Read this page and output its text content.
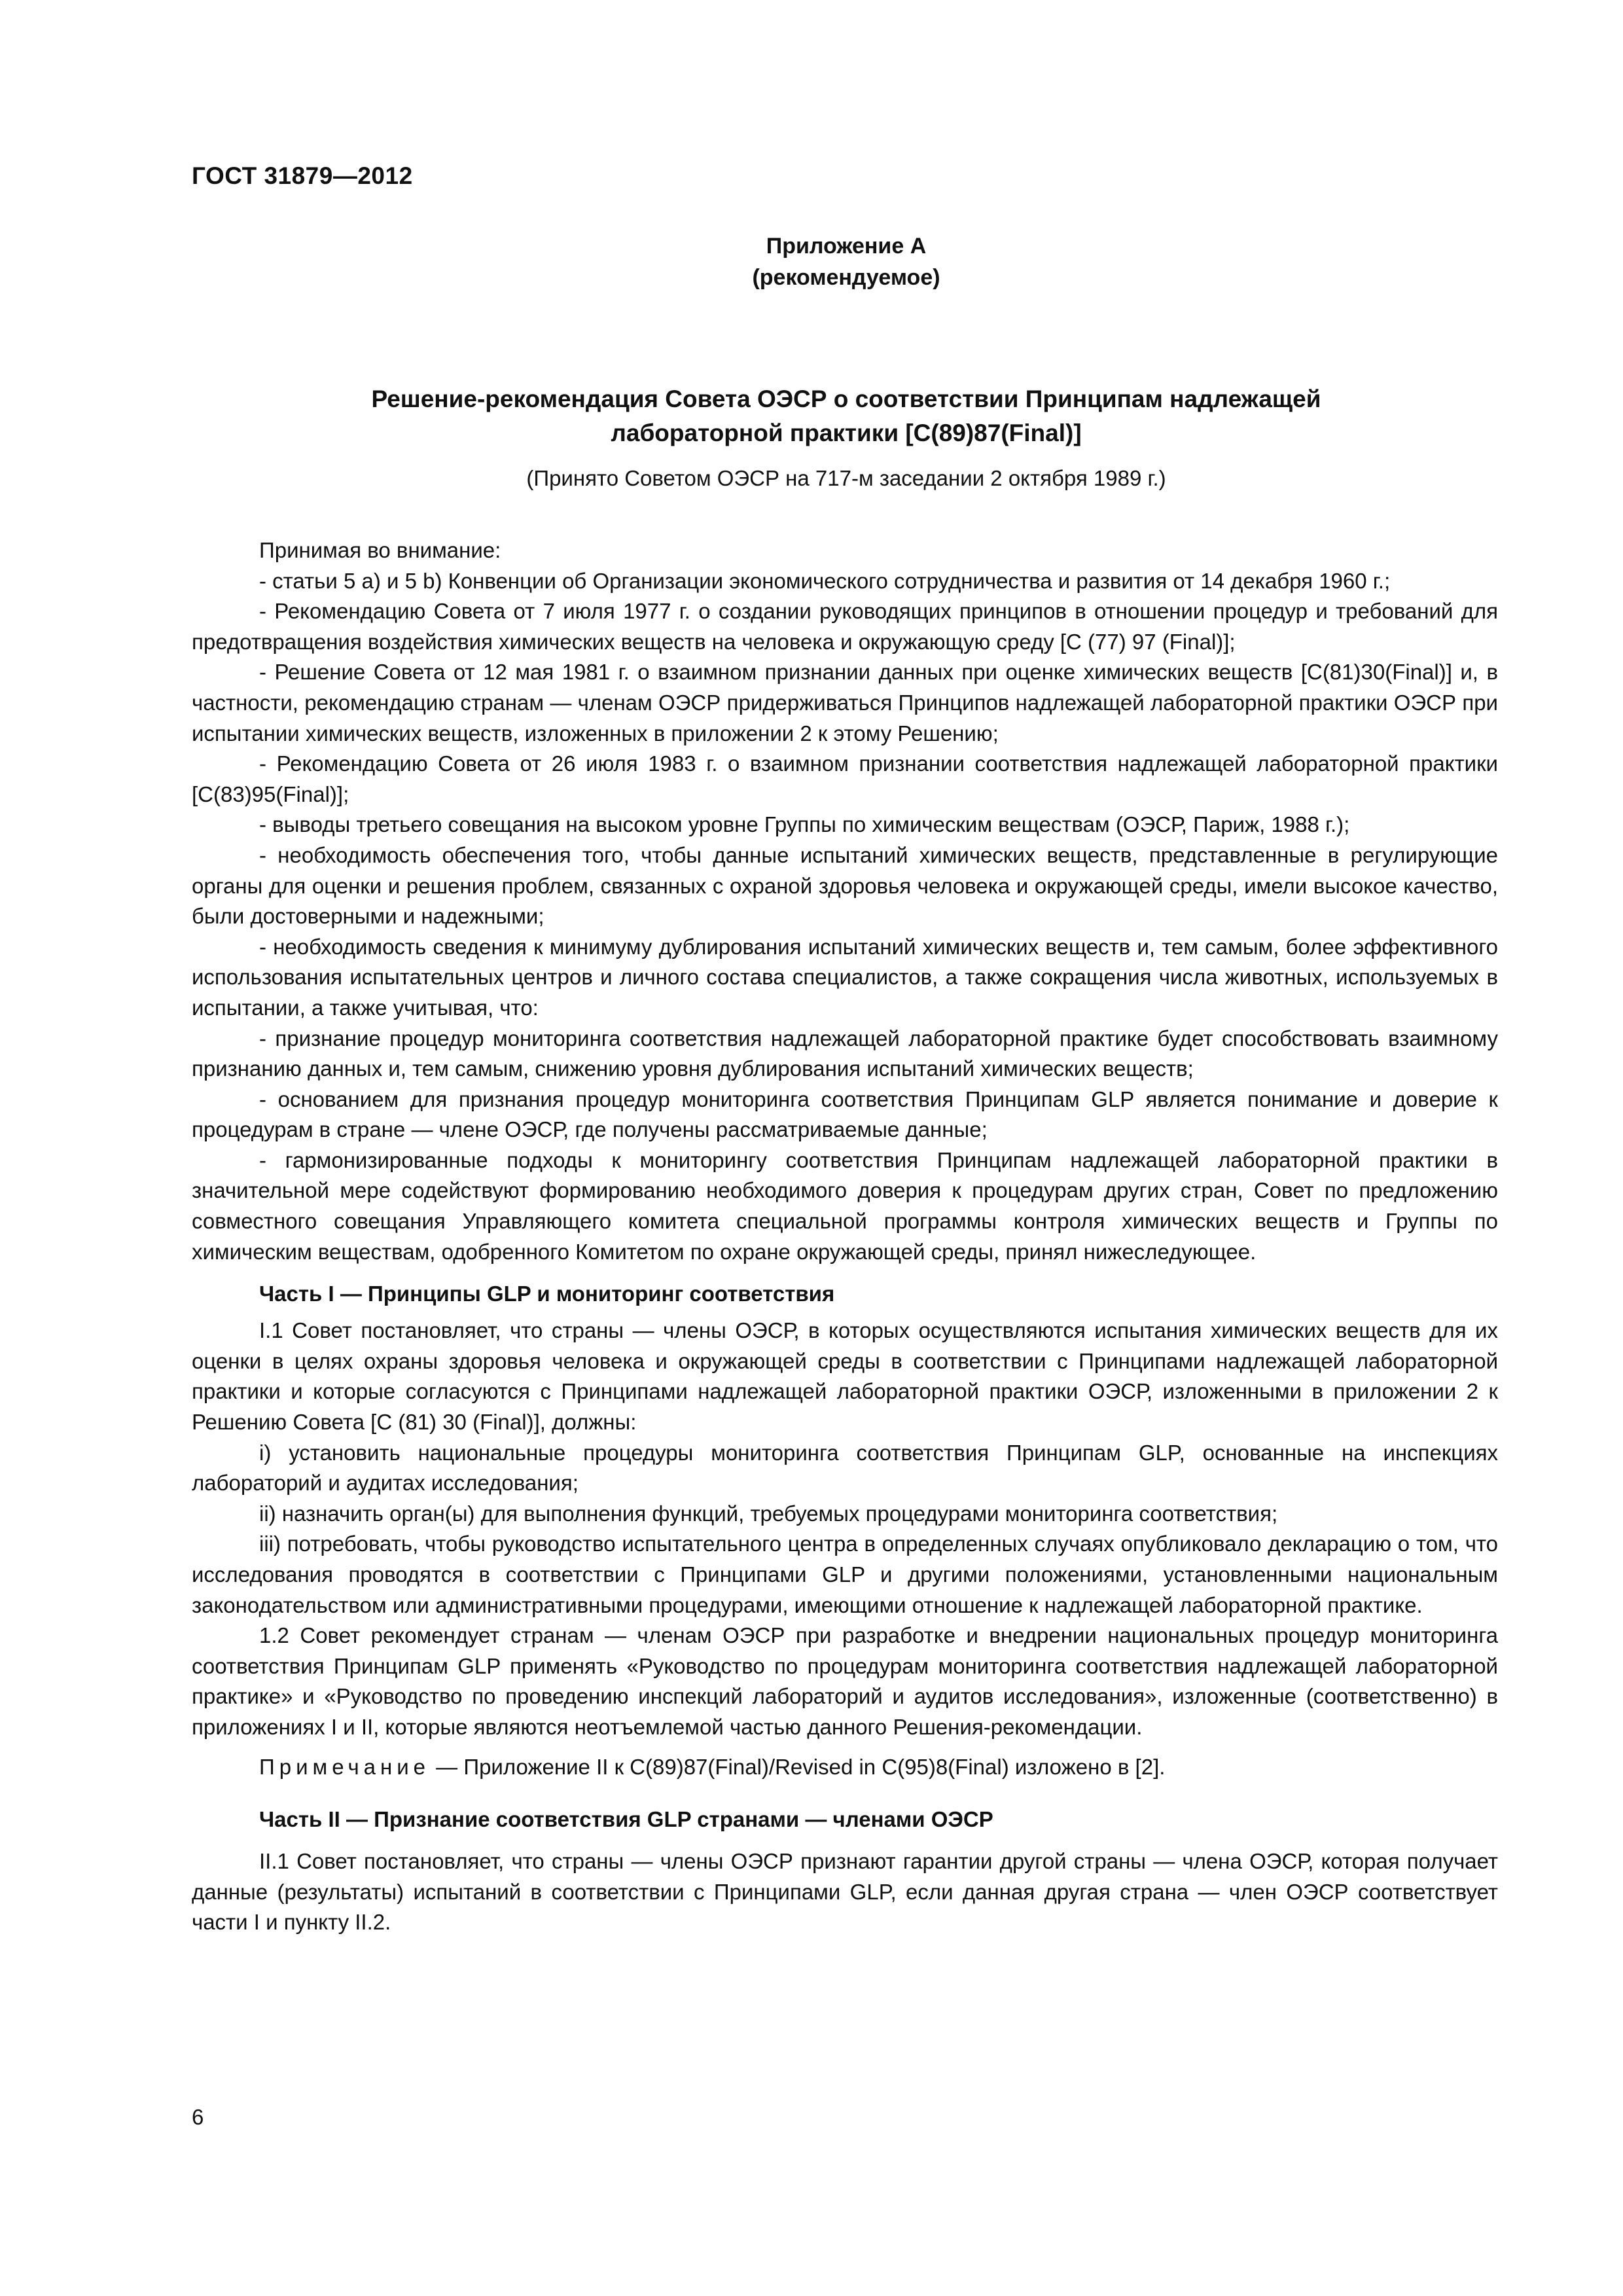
ГОСТ 31879—2012
Приложение А
(рекомендуемое)
Решение-рекомендация Совета ОЭСР о соответствии Принципам надлежащей
лабораторной практики [C(89)87(Final)]
(Принято Советом ОЭСР на 717-м заседании 2 октября 1989 г.)

Принимая во внимание:

- статьи 5 a) и 5 b) Конвенции об Организации экономического сотрудничества и развития от 14 декабря 1960 г.;

- Рекомендацию Совета от 7 июля 1977 г. о создании руководящих принципов в отношении процедур и требований для предотвращения воздействия химических веществ на человека и окружающую среду [С (77) 97 (Final)];

- Решение Совета от 12 мая 1981 г. о взаимном признании данных при оценке химических веществ [C(81)30(Final)] и, в частности, рекомендацию странам — членам ОЭСР придерживаться Принципов надлежащей лабораторной практики ОЭСР при испытании химических веществ, изложенных в приложении 2 к этому Решению;

- Рекомендацию Совета от 26 июля 1983 г. о взаимном признании соответствия надлежащей лабораторной практики [C(83)95(Final)];

- выводы третьего совещания на высоком уровне Группы по химическим веществам (ОЭСР, Париж, 1988 г.);

- необходимость обеспечения того, чтобы данные испытаний химических веществ, представленные в регулирующие органы для оценки и решения проблем, связанных с охраной здоровья человека и окружающей среды, имели высокое качество, были достоверными и надежными;

- необходимость сведения к минимуму дублирования испытаний химических веществ и, тем самым, более эффективного использования испытательных центров и личного состава специалистов, а также сокращения числа животных, используемых в испытании, а также учитывая, что:

- признание процедур мониторинга соответствия надлежащей лабораторной практике будет способствовать взаимному признанию данных и, тем самым, снижению уровня дублирования испытаний химических веществ;

- основанием для признания процедур мониторинга соответствия Принципам GLP является понимание и доверие к процедурам в стране — члене ОЭСР, где получены рассматриваемые данные;

- гармонизированные подходы к мониторингу соответствия Принципам надлежащей лабораторной практики в значительной мере содействуют формированию необходимого доверия к процедурам других стран, Совет по предложению совместного совещания Управляющего комитета специальной программы контроля химических веществ и Группы по химическим веществам, одобренного Комитетом по охране окружающей среды, принял нижеследующее.

Часть I — Принципы GLP и мониторинг соответствия

I.1 Совет постановляет, что страны — члены ОЭСР, в которых осуществляются испытания химических веществ для их оценки в целях охраны здоровья человека и окружающей среды в соответствии с Принципами надлежащей лабораторной практики и которые согласуются с Принципами надлежащей лабораторной практики ОЭСР, изложенными в приложении 2 к Решению Совета [С (81) 30 (Final)], должны:

i) установить национальные процедуры мониторинга соответствия Принципам GLP, основанные на инспекциях лабораторий и аудитах исследования;

ii) назначить орган(ы) для выполнения функций, требуемых процедурами мониторинга соответствия;

iii) потребовать, чтобы руководство испытательного центра в определенных случаях опубликовало декларацию о том, что исследования проводятся в соответствии с Принципами GLP и другими положениями, установленными национальным законодательством или административными процедурами, имеющими отношение к надлежащей лабораторной практике.

1.2 Совет рекомендует странам — членам ОЭСР при разработке и внедрении национальных процедур мониторинга соответствия Принципам GLP применять «Руководство по процедурам мониторинга соответствия надлежащей лабораторной практике» и «Руководство по проведению инспекций лабораторий и аудитов исследования», изложенные (соответственно) в приложениях I и II, которые являются неотъемлемой частью данного Решения-рекомендации.

Примечание — Приложение II к С(89)87(Final)/Revised in C(95)8(Final) изложено в [2].

Часть II — Признание соответствия GLP странами — членами ОЭСР

II.1 Совет постановляет, что страны — члены ОЭСР признают гарантии другой страны — члена ОЭСР, которая получает данные (результаты) испытаний в соответствии с Принципами GLP, если данная другая страна — член ОЭСР соответствует части I и пункту II.2.

6
